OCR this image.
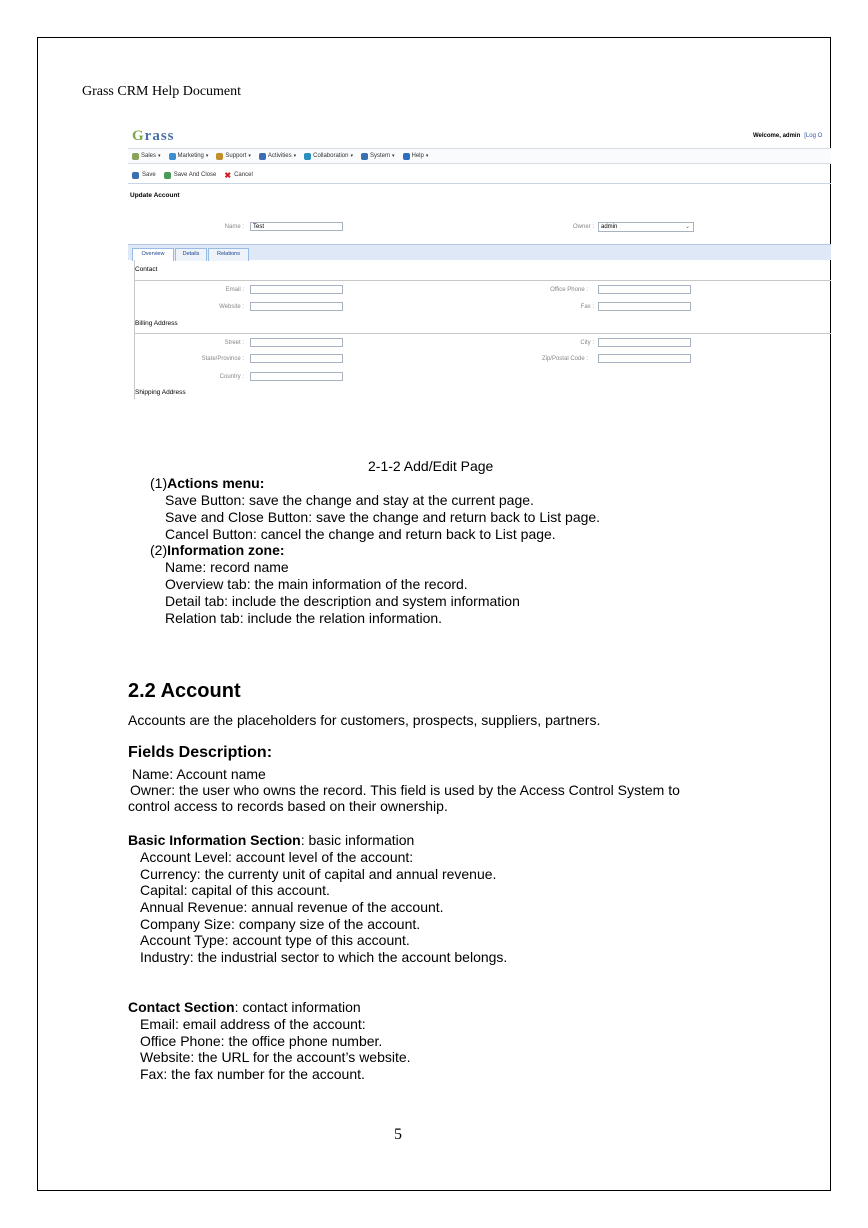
Grass CRM Help Document
Grass	Welcome, admin [Log O
Sales ▾	Marketing ▾	Support ▾	Activities ▾	Collaboration ▾	System ▾	Help ▾
Save	Save And Close ✖ Cancel
Update Account
Name :	Test	Owner :	admin	⌄
Overview	Details	Relations
Contact
Email :	Office Phone :
Website :	Fax :
Billing Address
Street :	City :
State/Province :	Zip/Postal Code :
Country :
Shipping Address
2-1-2 Add/Edit Page
(1)Actions menu:
Save Button: save the change and stay at the current page.
Save and Close Button: save the change and return back to List page.
Cancel Button: cancel the change and return back to List page.
(2)Information zone:
Name: record name
Overview tab: the main information of the record.
Detail tab: include the description and system information
Relation tab: include the relation information.
2.2 Account
Accounts are the placeholders for customers, prospects, suppliers, partners.
Fields Description:
Name: Account name
Owner: the user who owns the record. This field is used by the Access Control System to
control access to records based on their ownership.
Basic Information Section: basic information
Account Level: account level of the account:
Currency: the currenty unit of capital and annual revenue.
Capital: capital of this account.
Annual Revenue: annual revenue of the account.
Company Size: company size of the account.
Account Type: account type of this account.
Industry: the industrial sector to which the account belongs.
Contact Section: contact information
Email: email address of the account:
Office Phone: the office phone number.
Website: the URL for the account’s website.
Fax: the fax number for the account.
5
